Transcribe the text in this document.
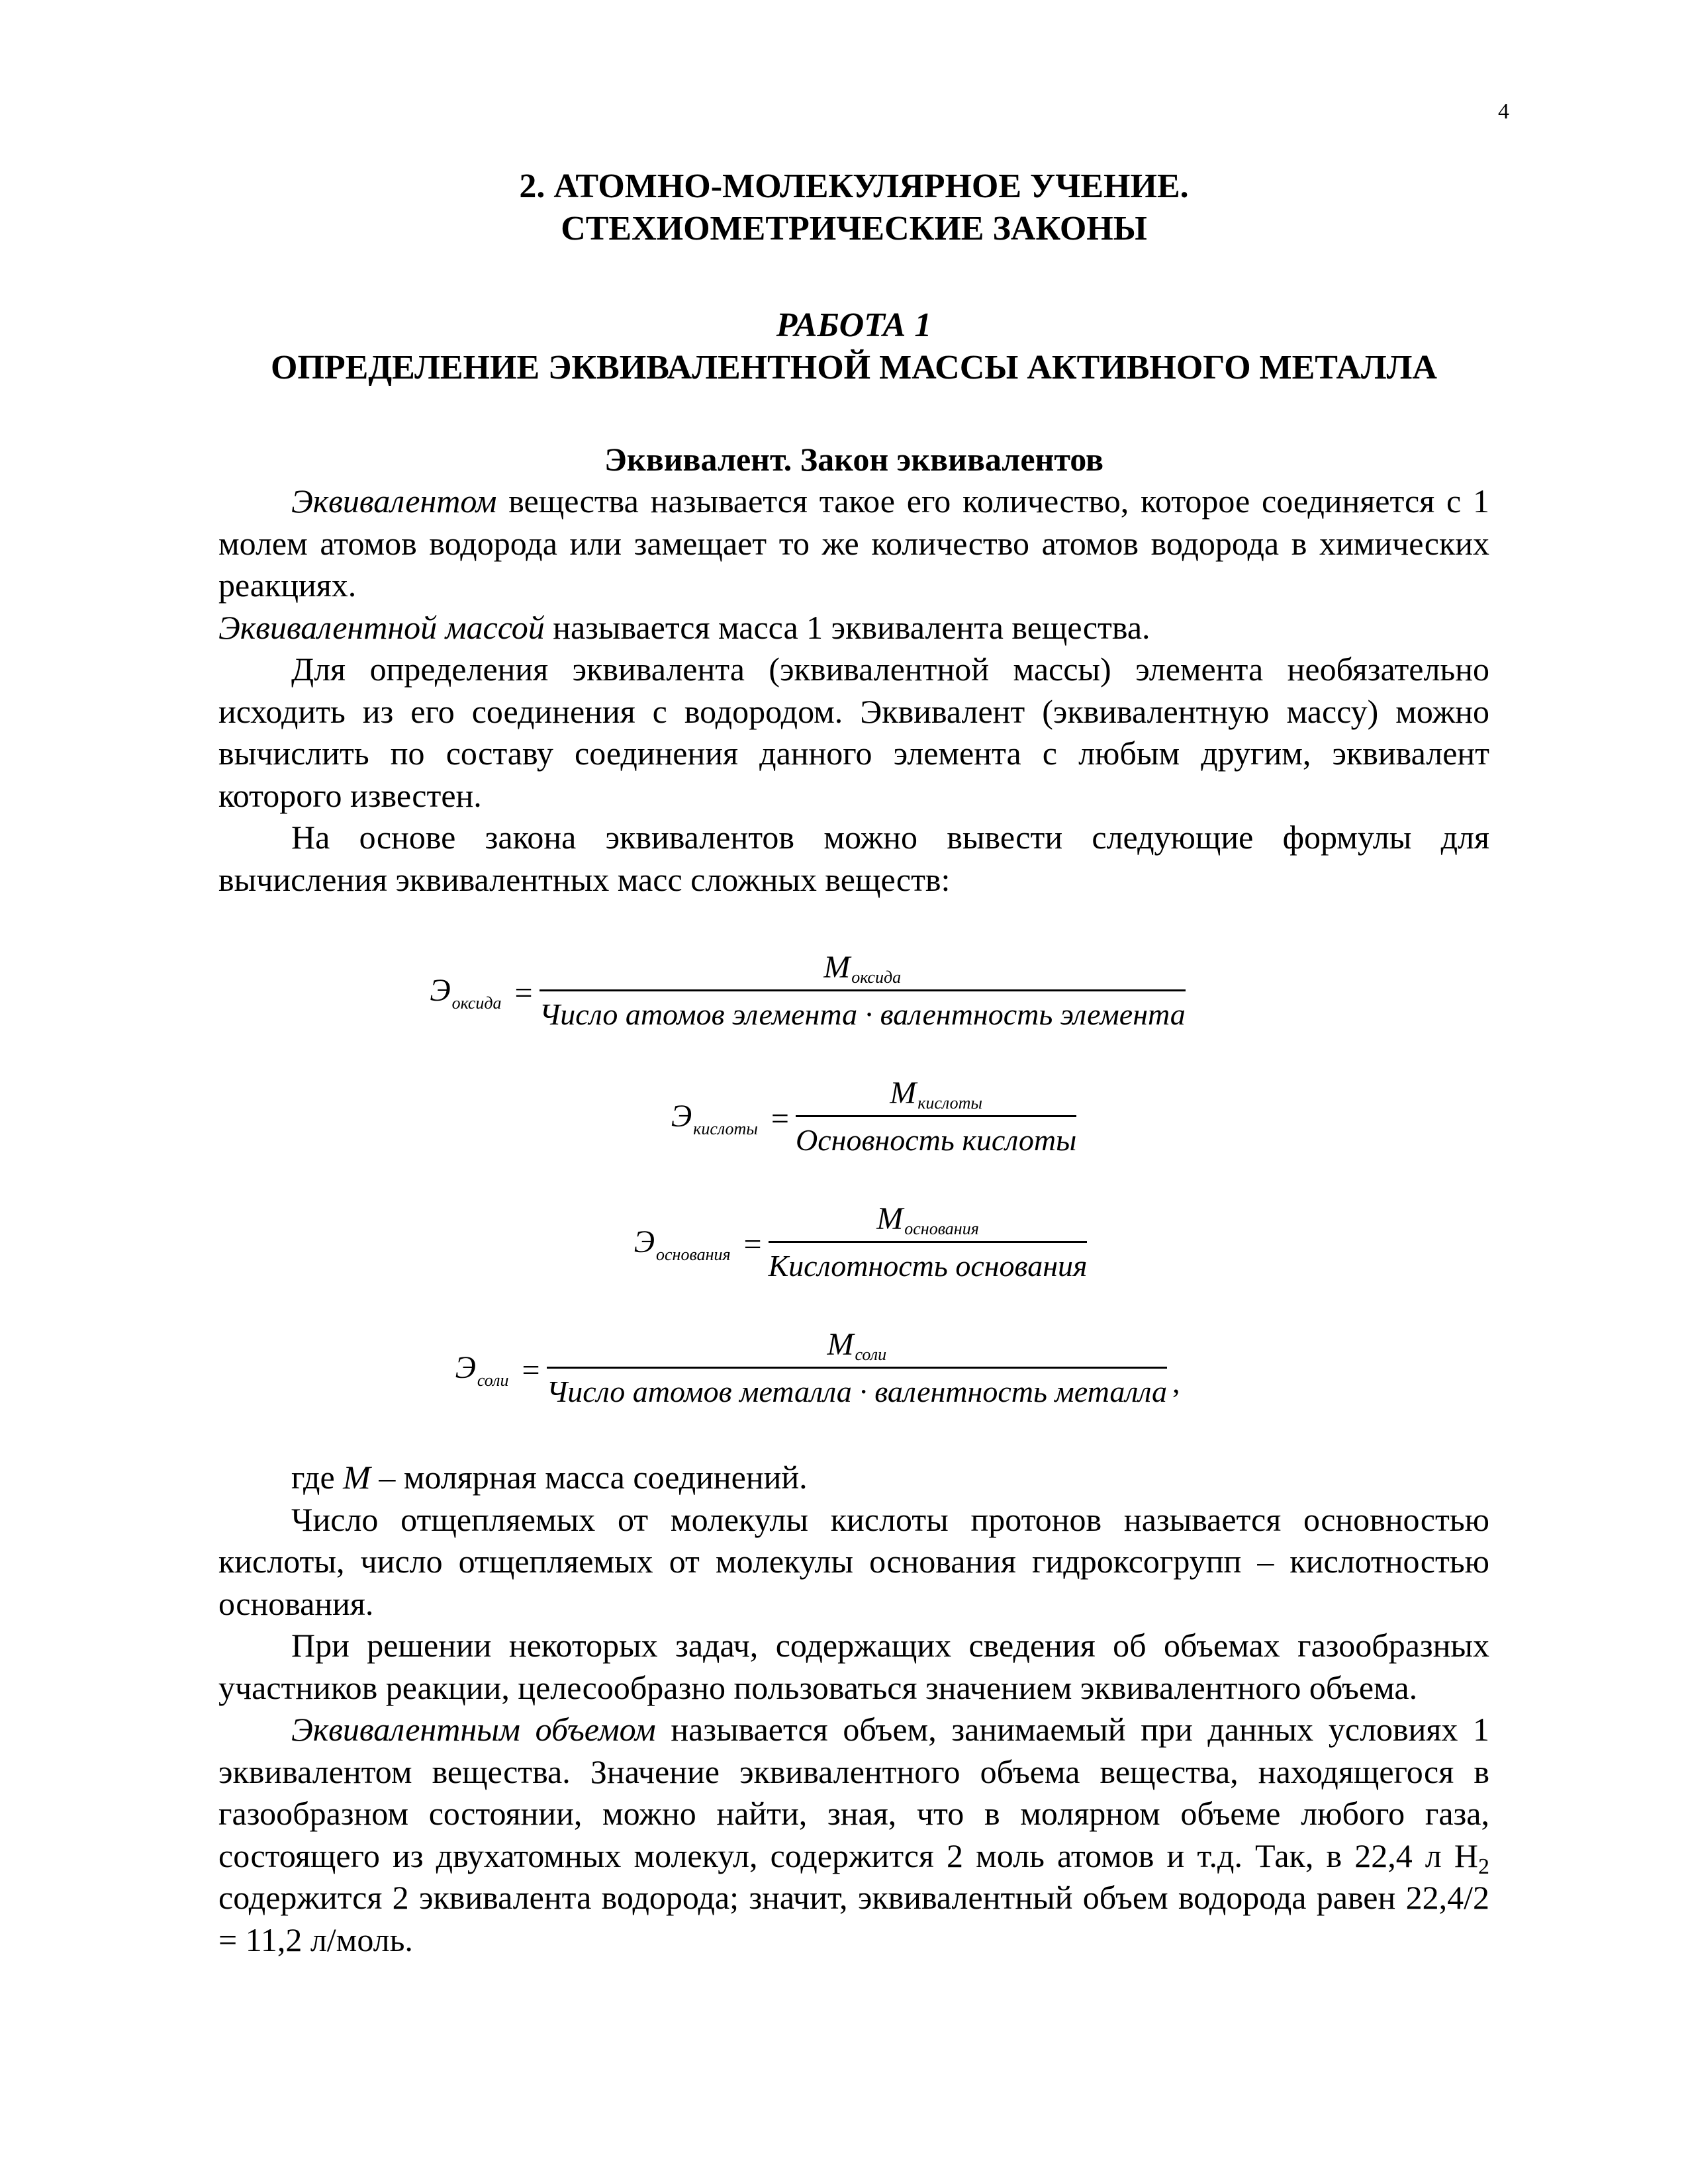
4
2. АТОМНО-МОЛЕКУЛЯРНОЕ УЧЕНИЕ.
СТЕХИОМЕТРИЧЕСКИЕ ЗАКОНЫ
РАБОТА 1
ОПРЕДЕЛЕНИЕ ЭКВИВАЛЕНТНОЙ МАССЫ АКТИВНОГО МЕТАЛЛА
Эквивалент. Закон эквивалентов

Эквивалентом вещества называется такое его количество, которое соединяется с 1 молем атомов водорода или замещает то же количество атомов водорода в химических реакциях.

Эквивалентной массой называется масса 1 эквивалента вещества.

Для определения эквивалента (эквивалентной массы) элемента необязательно исходить из его соединения с водородом. Эквивалент (эквивалентную массу) можно вычислить по составу соединения данного элемента с любым другим, эквивалент которого известен.

На основе закона эквивалентов можно вывести следующие формулы для вычисления эквивалентных масс сложных веществ:

Э оксида = $\frac{\text{М оксида}}{\text{Число атомов элемента · валентность элемента}}$
Э кислоты = $\frac{\text{М кислоты}}{\text{Основность кислоты}}$
Э основания = $\frac{\text{М основания}}{\text{Кислотность основания}}$
Э соли = $\frac{\text{М соли}}{\text{Число атомов металла · валентность металла}}$ ,

где М – молярная масса соединений.

Число отщепляемых от молекулы кислоты протонов называется основностью кислоты, число отщепляемых от молекулы основания гидроксогрупп – кислотностью основания.

При решении некоторых задач, содержащих сведения об объемах газообразных участников реакции, целесообразно пользоваться значением эквивалентного объема.

Эквивалентным объемом называется объем, занимаемый при данных условиях 1 эквивалентом вещества. Значение эквивалентного объема вещества, находящегося в газообразном состоянии, можно найти, зная, что в молярном объеме любого газа, состоящего из двухатомных молекул, содержится 2 моль атомов и т.д. Так, в 22,4 л $H_2$ содержится 2 эквивалента водорода; значит, эквивалентный объем водорода равен 22,4/2 = 11,2 л/моль.
